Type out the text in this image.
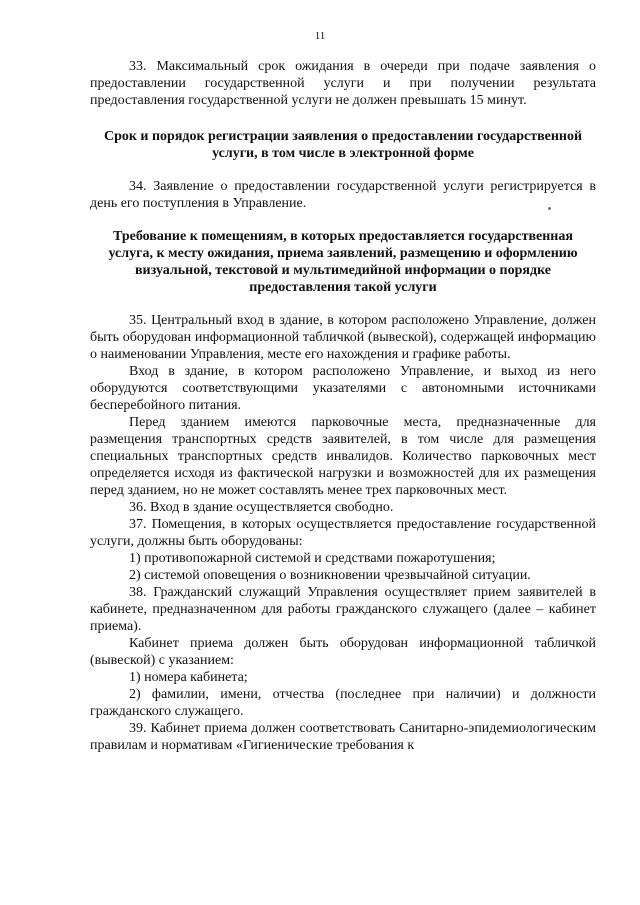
11

33. Максимальный срок ожидания в очереди при подаче заявления о предоставлении государственной услуги и при получении результата предоставления государственной услуги не должен превышать 15 минут.

Срок и порядок регистрации заявления о предоставлении государственной услуги, в том числе в электронной форме

34. Заявление о предоставлении государственной услуги регистрируется в день его поступления в Управление.

Требование к помещениям, в которых предоставляется государственная услуга, к месту ожидания, приема заявлений, размещению и оформлению визуальной, текстовой и мультимедийной информации о порядке предоставления такой услуги

35. Центральный вход в здание, в котором расположено Управление, должен быть оборудован информационной табличкой (вывеской), содержащей информацию о наименовании Управления, месте его нахождения и графике работы.

Вход в здание, в котором расположено Управление, и выход из него оборудуются соответствующими указателями с автономными источниками бесперебойного питания.

Перед зданием имеются парковочные места, предназначенные для размещения транспортных средств заявителей, в том числе для размещения специальных транспортных средств инвалидов. Количество парковочных мест определяется исходя из фактической нагрузки и возможностей для их размещения перед зданием, но не может составлять менее трех парковочных мест.

36. Вход в здание осуществляется свободно.

37. Помещения, в которых осуществляется предоставление государственной услуги, должны быть оборудованы:

1) противопожарной системой и средствами пожаротушения;

2) системой оповещения о возникновении чрезвычайной ситуации.

38. Гражданский служащий Управления осуществляет прием заявителей в кабинете, предназначенном для работы гражданского служащего (далее – кабинет приема).

Кабинет приема должен быть оборудован информационной табличкой (вывеской) с указанием:

1) номера кабинета;

2) фамилии, имени, отчества (последнее при наличии) и должности гражданского служащего.

39. Кабинет приема должен соответствовать Санитарно-эпидемиологическим правилам и нормативам «Гигиенические требования к
